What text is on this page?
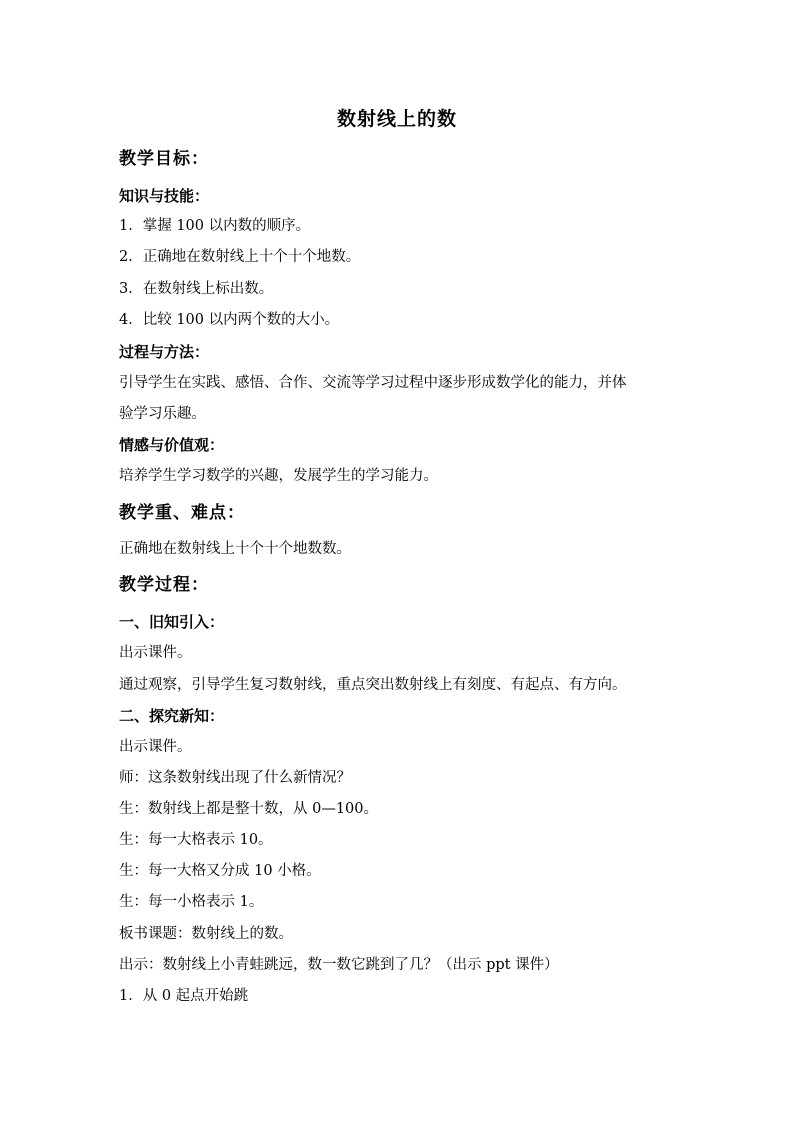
数射线上的数
教学目标：
知识与技能：
1．掌握 100 以内数的顺序。
2．正确地在数射线上十个十个地数。
3．在数射线上标出数。
4．比较 100 以内两个数的大小。
过程与方法：
引导学生在实践、感悟、合作、交流等学习过程中逐步形成数学化的能力，并体
验学习乐趣。
情感与价值观：
培养学生学习数学的兴趣，发展学生的学习能力。
教学重、难点：
正确地在数射线上十个十个地数数。
教学过程：
一、旧知引入：
出示课件。
通过观察，引导学生复习数射线，重点突出数射线上有刻度、有起点、有方向。
二、探究新知：
出示课件。
师：这条数射线出现了什么新情况？
生：数射线上都是整十数，从 0—100。
生：每一大格表示 10。
生：每一大格又分成 10 小格。
生：每一小格表示 1。
板书课题：数射线上的数。
出示：数射线上小青蛙跳远，数一数它跳到了几？（出示 ppt 课件）
1．从 0 起点开始跳
